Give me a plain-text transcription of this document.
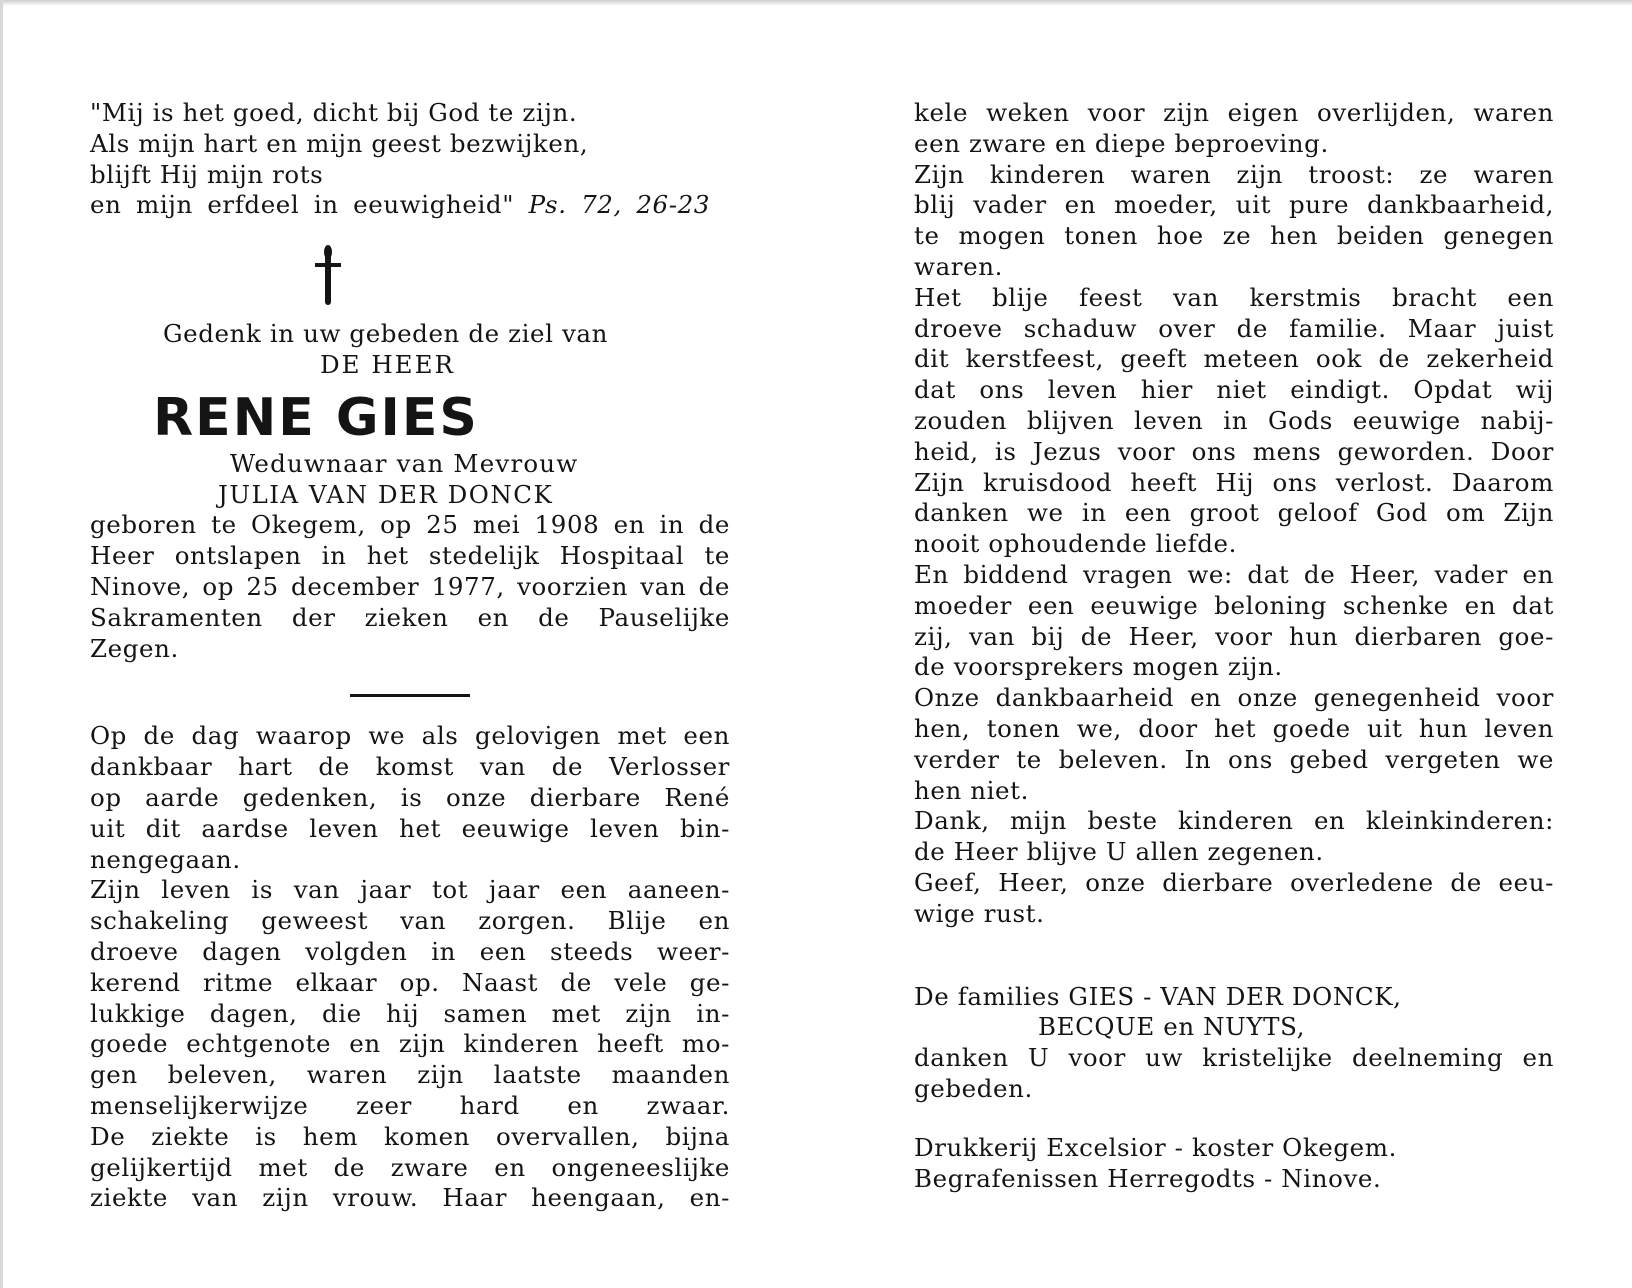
"Mij is het goed, dicht bij God te zijn.
Als mijn hart en mijn geest bezwijken,
blijft Hij mijn rots
en mijn erfdeel in eeuwigheid" Ps. 72, 26-23
Gedenk in uw gebeden de ziel van
DE HEER
RENE GIES
Weduwnaar van Mevrouw
JULIA VAN DER DONCK
geboren te Okegem, op 25 mei 1908 en in de
Heer ontslapen in het stedelijk Hospitaal te
Ninove, op 25 december 1977, voorzien van de
Sakramenten der zieken en de Pauselijke
Zegen.
Op de dag waarop we als gelovigen met een
dankbaar hart de komst van de Verlosser
op aarde gedenken, is onze dierbare René
uit dit aardse leven het eeuwige leven bin-
nengegaan.
Zijn leven is van jaar tot jaar een aaneen-
schakeling geweest van zorgen. Blije en
droeve dagen volgden in een steeds weer-
kerend ritme elkaar op. Naast de vele ge-
lukkige dagen, die hij samen met zijn in-
goede echtgenote en zijn kinderen heeft mo-
gen beleven, waren zijn laatste maanden
menselijkerwijze zeer hard en zwaar.
De ziekte is hem komen overvallen, bijna
gelijkertijd met de zware en ongeneeslijke
ziekte van zijn vrouw. Haar heengaan, en-
kele weken voor zijn eigen overlijden, waren
een zware en diepe beproeving.
Zijn kinderen waren zijn troost: ze waren
blij vader en moeder, uit pure dankbaarheid,
te mogen tonen hoe ze hen beiden genegen
waren.
Het blije feest van kerstmis bracht een
droeve schaduw over de familie. Maar juist
dit kerstfeest, geeft meteen ook de zekerheid
dat ons leven hier niet eindigt. Opdat wij
zouden blijven leven in Gods eeuwige nabij-
heid, is Jezus voor ons mens geworden. Door
Zijn kruisdood heeft Hij ons verlost. Daarom
danken we in een groot geloof God om Zijn
nooit ophoudende liefde.
En biddend vragen we: dat de Heer, vader en
moeder een eeuwige beloning schenke en dat
zij, van bij de Heer, voor hun dierbaren goe-
de voorsprekers mogen zijn.
Onze dankbaarheid en onze genegenheid voor
hen, tonen we, door het goede uit hun leven
verder te beleven. In ons gebed vergeten we
hen niet.
Dank, mijn beste kinderen en kleinkinderen:
de Heer blijve U allen zegenen.
Geef, Heer, onze dierbare overledene de eeu-
wige rust.
De families GIES - VAN DER DONCK,
BECQUE en NUYTS,
danken U voor uw kristelijke deelneming en
gebeden.
Drukkerij Excelsior - koster Okegem.
Begrafenissen Herregodts - Ninove.
